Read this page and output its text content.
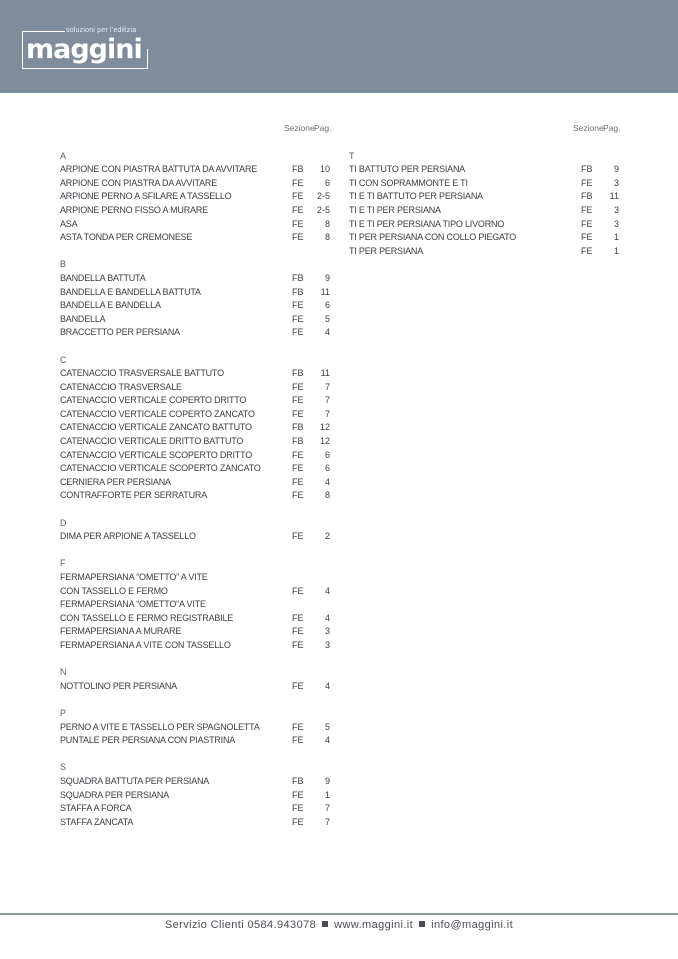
soluzioni per l'edilizia
maggini
Sezione Pag.
A
ARPIONE CON PIASTRA BATTUTA DA AVVITARE	FB 10
ARPIONE CON PIASTRA DA AVVITARE	FE 6
ARPIONE PERNO A SFILARE A TASSELLO	FE 2-5
ARPIONE PERNO FISSO A MURARE	FE 2-5
ASA	FE 8
ASTA TONDA PER CREMONESE	FE 8
B
BANDELLA BATTUTA	FB 9
BANDELLA E BANDELLA BATTUTA	FB 11
BANDELLA E BANDELLA	FE 6
BANDELLA	FE 5
BRACCETTO PER PERSIANA	FE 4
C
CATENACCIO TRASVERSALE BATTUTO	FB 11
CATENACCIO TRASVERSALE	FE 7
CATENACCIO VERTICALE COPERTO DRITTO	FE 7
CATENACCIO VERTICALE COPERTO ZANCATO	FE 7
CATENACCIO VERTICALE ZANCATO BATTUTO	FB 12
CATENACCIO VERTICALE DRITTO BATTUTO	FB 12
CATENACCIO VERTICALE SCOPERTO DRITTO	FE 6
CATENACCIO VERTICALE SCOPERTO ZANCATO	FE 6
CERNIERA PER PERSIANA	FE 4
CONTRAFFORTE PER SERRATURA	FE 8
D
DIMA PER ARPIONE A TASSELLO	FE 2
F
FERMAPERSIANA “OMETTO” A VITE
CON TASSELLO E FERMO	FE 4
FERMAPERSIANA “OMETTO”A VITE
CON TASSELLO E FERMO REGISTRABILE	FE 4
FERMAPERSIANA A MURARE	FE 3
FERMAPERSIANA A VITE CON TASSELLO	FE 3
N
NOTTOLINO PER PERSIANA	FE 4
P
PERNO A VITE E TASSELLO PER SPAGNOLETTA	FE 5
PUNTALE PER PERSIANA CON PIASTRINA	FE 4
S
SQUADRA BATTUTA PER PERSIANA	FB 9
SQUADRA PER PERSIANA	FE 1
STAFFA A FORCA	FE 7
STAFFA ZANCATA	FE 7
Sezione Pag.
T
TI BATTUTO PER PERSIANA	FB 9
TI CON SOPRAMMONTE E TI	FE 3
TI E TI BATTUTO PER PERSIANA	FB 11
TI E TI PER PERSIANA	FE 3
TI E TI PER PERSIANA TIPO LIVORNO	FE 3
TI PER PERSIANA CON COLLO PIEGATO	FE 1
TI PER PERSIANA	FE 1
Servizio Clienti 0584.943078 www.maggini.it info@maggini.it
